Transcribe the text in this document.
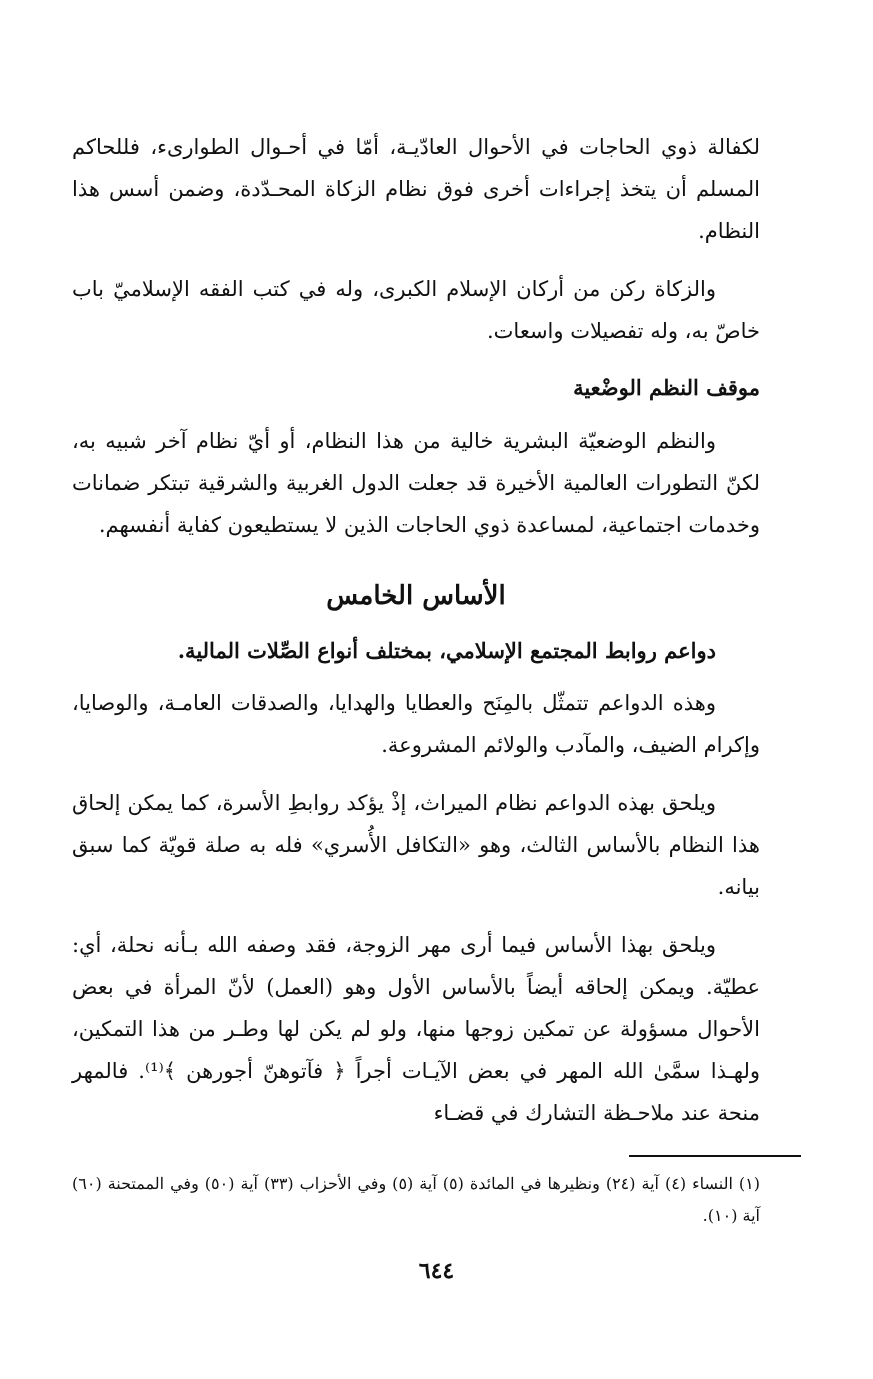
لكفالة ذوي الحاجات في الأحوال العادّيـة، أمّا في أحـوال الطوارىء، فللحاكم المسلم أن يتخذ إجراءات أخرى فوق نظام الزكاة المحـدّدة، وضمن أسس هذا النظام.

والزكاة ركن من أركان الإسلام الكبرى، وله في كتب الفقه الإسلاميّ باب خاصّ به، وله تفصيلات واسعات.

موقف النظم الوضْعية

والنظم الوضعيّة البشرية خالية من هذا النظام، أو أيّ نظام آخر شبيه به، لكنّ التطورات العالمية الأخيرة قد جعلت الدول الغربية والشرقية تبتكر ضمانات وخدمات اجتماعية، لمساعدة ذوي الحاجات الذين لا يستطيعون كفاية أنفسهم.

الأساس الخامس
دواعم روابط المجتمع الإسلامي، بمختلف أنواع الصِّلات المالية.

وهذه الدواعم تتمثّل بالمِنَح والعطايا والهدايا، والصدقات العامـة، والوصايا، وإكرام الضيف، والمآدب والولائم المشروعة.

ويلحق بهذه الدواعم نظام الميراث، إذْ يؤكد روابطِ الأسرة، كما يمكن إلحاق هذا النظام بالأساس الثالث، وهو «التكافل الأُسري» فله به صلة قويّة كما سبق بيانه.

ويلحق بهذا الأساس فيما أرى مهر الزوجة، فقد وصفه الله بـأنه نحلة، أي: عطيّة. ويمكن إلحاقه أيضاً بالأساس الأول وهو (العمل) لأنّ المرأة في بعض الأحوال مسؤولة عن تمكين زوجها منها، ولو لم يكن لها وطـر من هذا التمكين، ولهـذا سمَّىٰ الله المهر في بعض الآيـات أجراً ﴿ فآتوهنّ أجورهن ﴾⁽¹⁾. فالمهر منحة عند ملاحـظة التشارك في قضـاء

(١) النساء (٤) آية (٢٤) ونظيرها في المائدة (٥) آية (٥) وفي الأحزاب (٣٣) آية (٥٠) وفي الممتحنة (٦٠) آية (١٠).
٦٤٤
